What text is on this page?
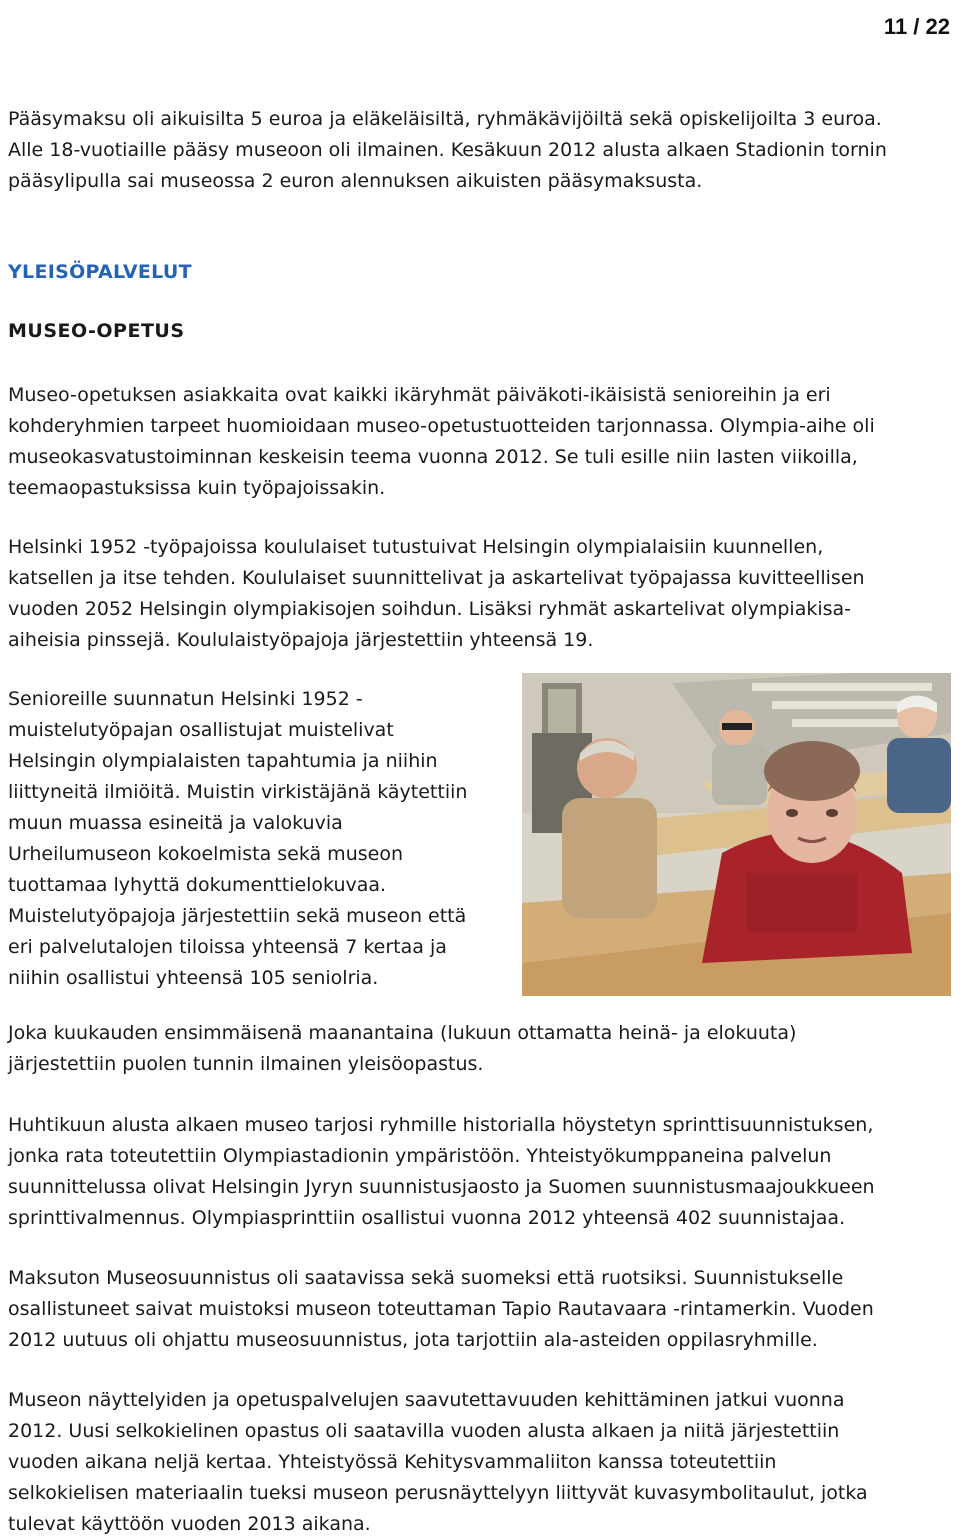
11 / 22
Pääsymaksu oli aikuisilta 5 euroa ja eläkeläisiltä, ryhmäkävijöiltä sekä opiskelijoilta 3 euroa.
Alle 18-vuotiaille pääsy museoon oli ilmainen. Kesäkuun 2012 alusta alkaen Stadionin tornin
pääsylipulla sai museossa 2 euron alennuksen aikuisten pääsymaksusta.
YLEISÖPALVELUT
MUSEO-OPETUS
Museo-opetuksen asiakkaita ovat kaikki ikäryhmät päiväkoti-ikäisistä senioreihin ja eri
kohderyhmien tarpeet huomioidaan museo-opetustuotteiden tarjonnassa. Olympia-aihe oli
museokasvatustoiminnan keskeisin teema vuonna 2012. Se tuli esille niin lasten viikoilla,
teemaopastuksissa kuin työpajoissakin.
Helsinki 1952 -työpajoissa koululaiset tutustuivat Helsingin olympialaisiin kuunnellen,
katsellen ja itse tehden. Koululaiset suunnittelivat ja askartelivat työpajassa kuvitteellisen
vuoden 2052 Helsingin olympiakisojen soihdun. Lisäksi ryhmät askartelivat olympiakisa-
aiheisia pinssejä. Koululaistyöpajoja järjestettiin yhteensä 19.
Senioreille suunnatun Helsinki 1952 -
muistelutyöpajan osallistujat muistelivat
Helsingin olympialaisten tapahtumia ja niihin
liittyneitä ilmiöitä. Muistin virkistäjänä käytettiin
muun muassa esineitä ja valokuvia
Urheilumuseon kokoelmista sekä museon
tuottamaa lyhyttä dokumenttielokuvaa.
Muistelutyöpajoja järjestettiin sekä museon että
eri palvelutalojen tiloissa yhteensä 7 kertaa ja
niihin osallistui yhteensä 105 seniolria.
Joka kuukauden ensimmäisenä maanantaina (lukuun ottamatta heinä- ja elokuuta)
järjestettiin puolen tunnin ilmainen yleisöopastus.
Huhtikuun alusta alkaen museo tarjosi ryhmille historialla höystetyn sprinttisuunnistuksen,
jonka rata toteutettiin Olympiastadionin ympäristöön. Yhteistyökumppaneina palvelun
suunnittelussa olivat Helsingin Jyryn suunnistusjaosto ja Suomen suunnistusmaajoukkueen
sprinttivalmennus. Olympiasprinttiin osallistui vuonna 2012 yhteensä 402 suunnistajaa.
Maksuton Museosuunnistus oli saatavissa sekä suomeksi että ruotsiksi. Suunnistukselle
osallistuneet saivat muistoksi museon toteuttaman Tapio Rautavaara -rintamerkin. Vuoden
2012 uutuus oli ohjattu museosuunnistus, jota tarjottiin ala-asteiden oppilasryhmille.
Museon näyttelyiden ja opetuspalvelujen saavutettavuuden kehittäminen jatkui vuonna
2012. Uusi selkokielinen opastus oli saatavilla vuoden alusta alkaen ja niitä järjestettiin
vuoden aikana neljä kertaa. Yhteistyössä Kehitysvammaliiton kanssa toteutettiin
selkokielisen materiaalin tueksi museon perusnäyttelyyn liittyvät kuvasymbolitaulut, jotka
tulevat käyttöön vuoden 2013 aikana.
